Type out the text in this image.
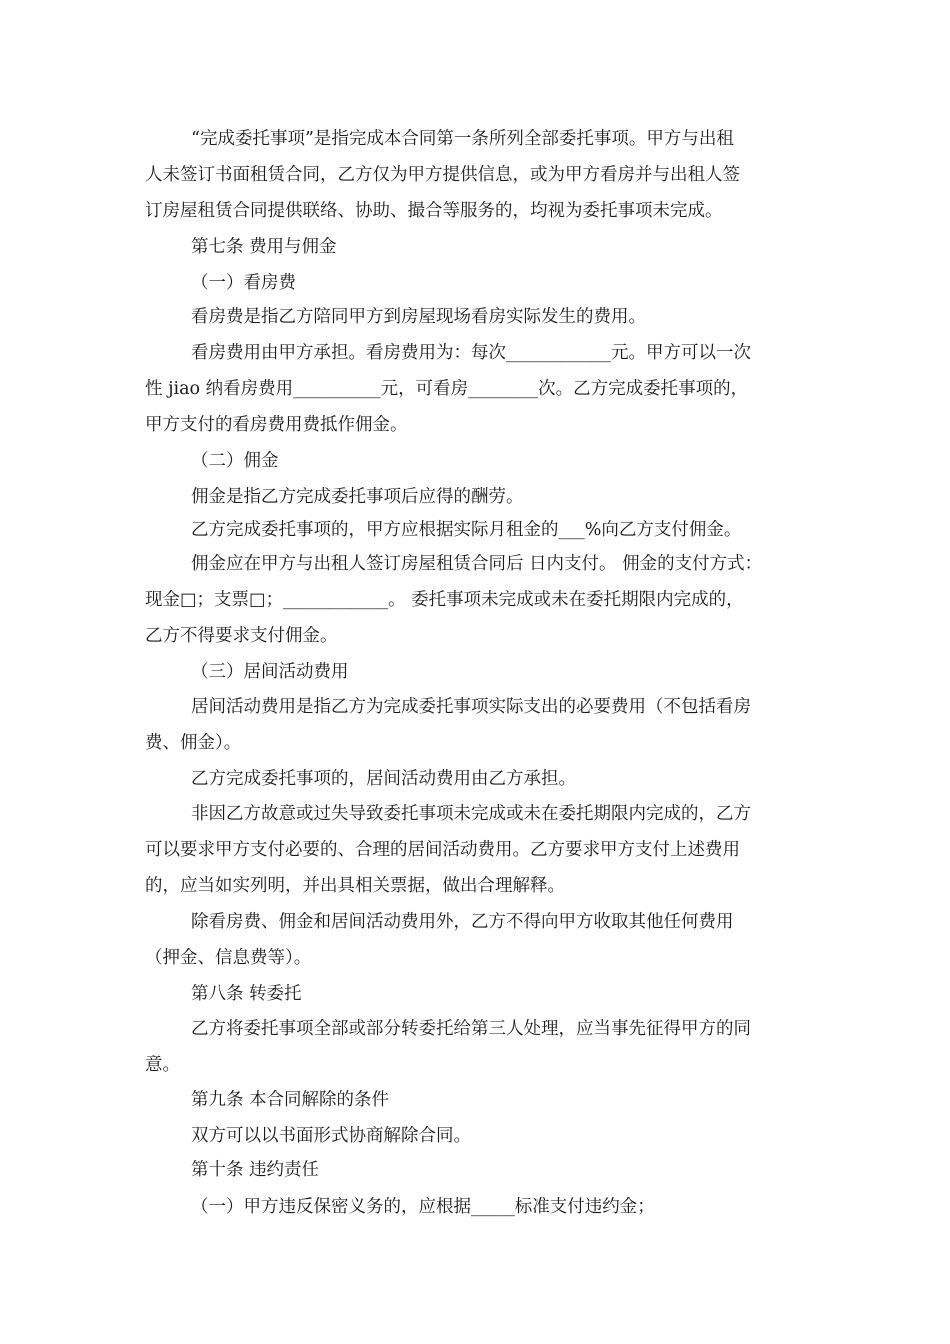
“完成委托事项”是指完成本合同第一条所列全部委托事项。甲方与出租
人未签订书面租赁合同，乙方仅为甲方提供信息，或为甲方看房并与出租人签
订房屋租赁合同提供联络、协助、撮合等服务的，均视为委托事项未完成。
第七条 费用与佣金
（一）看房费
看房费是指乙方陪同甲方到房屋现场看房实际发生的费用。
看房费用由甲方承担。看房费用为：每次____________元。甲方可以一次
性 jiao 纳看房费用__________元，可看房________次。乙方完成委托事项的，
甲方支付的看房费用费抵作佣金。
（二）佣金
佣金是指乙方完成委托事项后应得的酬劳。
乙方完成委托事项的，甲方应根据实际月租金的___%向乙方支付佣金。
佣金应在甲方与出租人签订房屋租赁合同后 日内支付。 佣金的支付方式：
现金□；支票□；____________。 委托事项未完成或未在委托期限内完成的，
乙方不得要求支付佣金。
（三）居间活动费用
居间活动费用是指乙方为完成委托事项实际支出的必要费用（不包括看房
费、佣金）。
乙方完成委托事项的，居间活动费用由乙方承担。
非因乙方故意或过失导致委托事项未完成或未在委托期限内完成的，乙方
可以要求甲方支付必要的、合理的居间活动费用。乙方要求甲方支付上述费用
的，应当如实列明，并出具相关票据，做出合理解释。
除看房费、佣金和居间活动费用外，乙方不得向甲方收取其他任何费用
（押金、信息费等）。
第八条 转委托
乙方将委托事项全部或部分转委托给第三人处理，应当事先征得甲方的同
意。
第九条 本合同解除的条件
双方可以以书面形式协商解除合同。
第十条 违约责任
（一）甲方违反保密义务的，应根据_____标准支付违约金；
